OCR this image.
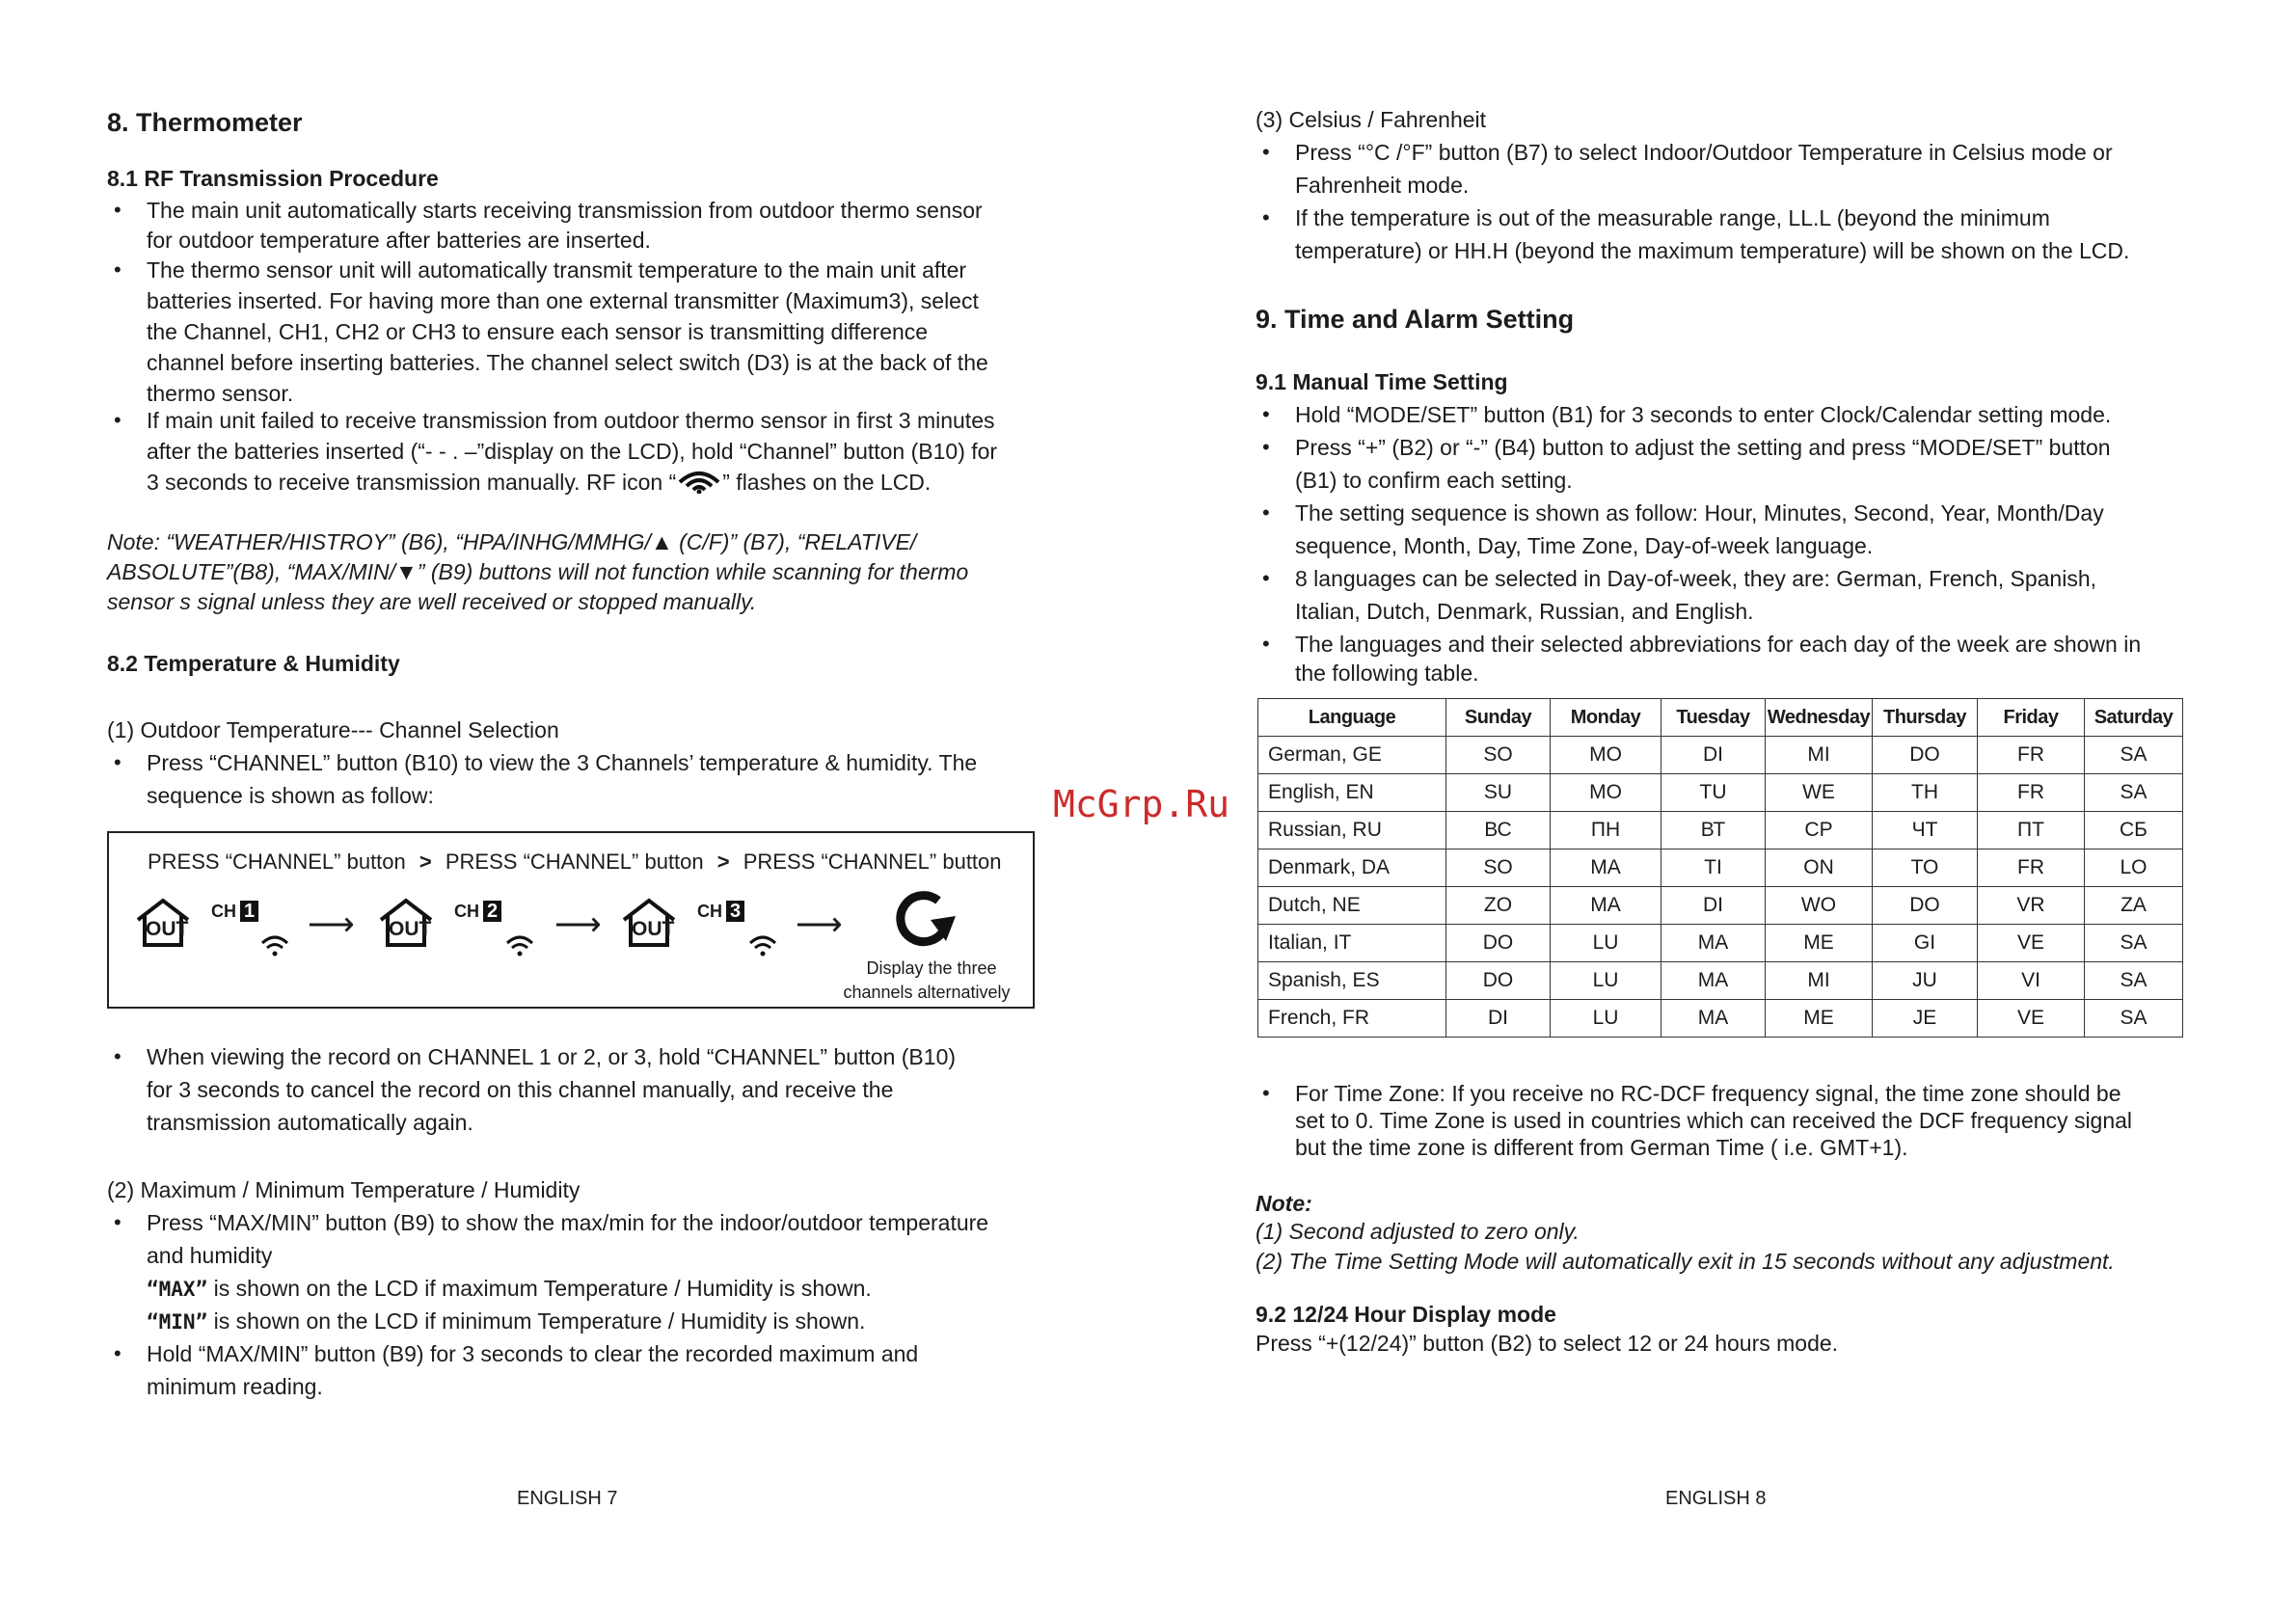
8. Thermometer
8.1 RF Transmission Procedure
•	The main unit automatically starts receiving transmission from outdoor thermo sensor
for outdoor temperature after batteries are inserted.
•	The thermo sensor unit will automatically transmit temperature to the main unit after
batteries inserted. For having more than one external transmitter (Maximum3), select
the Channel, CH1, CH2 or CH3 to ensure each sensor is transmitting difference
channel before inserting batteries. The channel select switch (D3) is at the back of the
thermo sensor.
•	If main unit failed to receive transmission from outdoor thermo sensor in first 3 minutes
after the batteries inserted (“- - . –”display on the LCD), hold “Channel” button (B10) for
3 seconds to receive transmission manually. RF icon “ ” flashes on the LCD.
Note: “WEATHER/HISTROY” (B6), “HPA/INHG/MMHG/▲ (C/F)” (B7), “RELATIVE/
ABSOLUTE”(B8), “MAX/MIN/▼” (B9) buttons will not function while scanning for thermo
sensor s signal unless they are well received or stopped manually.
8.2 Temperature & Humidity
(1) Outdoor Temperature--- Channel Selection
•	Press “CHANNEL” button (B10) to view the 3 Channels’ temperature & humidity. The
sequence is shown as follow:
PRESS “CHANNEL” button > PRESS “CHANNEL” button > PRESS “CHANNEL” button
OUT
CH 1 ⟶ OUT
CH 2 ⟶ OUT
CH 3 ⟶
Display the three
channels alternatively
•	When viewing the record on CHANNEL 1 or 2, or 3, hold “CHANNEL” button (B10)
for 3 seconds to cancel the record on this channel manually, and receive the
transmission automatically again.
(2) Maximum / Minimum Temperature / Humidity
•	Press “MAX/MIN” button (B9) to show the max/min for the indoor/outdoor temperature
and humidity
“MAX” is shown on the LCD if maximum Temperature / Humidity is shown.
“MIN” is shown on the LCD if minimum Temperature / Humidity is shown.
•	Hold “MAX/MIN” button (B9) for 3 seconds to clear the recorded maximum and
minimum reading.
ENGLISH 7
(3) Celsius / Fahrenheit
•	Press “°C /°F” button (B7) to select Indoor/Outdoor Temperature in Celsius mode or
Fahrenheit mode.
•	If the temperature is out of the measurable range, LL.L (beyond the minimum
temperature) or HH.H (beyond the maximum temperature) will be shown on the LCD.
9. Time and Alarm Setting
9.1 Manual Time Setting
•	Hold “MODE/SET” button (B1) for 3 seconds to enter Clock/Calendar setting mode.
•	Press “+” (B2) or “-” (B4) button to adjust the setting and press “MODE/SET” button
(B1) to confirm each setting.
•	The setting sequence is shown as follow: Hour, Minutes, Second, Year, Month/Day
sequence, Month, Day, Time Zone, Day-of-week language.
•	8 languages can be selected in Day-of-week, they are: German, French, Spanish,
Italian, Dutch, Denmark, Russian, and English.
•	The languages and their selected abbreviations for each day of the week are shown in
the following table.
Language	Sunday	Monday	Tuesday	Wednesday	Thursday	Friday	Saturday
German, GE	SO	MO	DI	MI	DO	FR	SA
English, EN	SU	MO	TU	WE	TH	FR	SA
Russian, RU	ВС	ПН	ВТ	СР	ЧТ	ПТ	СБ
Denmark, DA	SO	MA	TI	ON	TO	FR	LO
Dutch, NE	ZO	MA	DI	WO	DO	VR	ZA
Italian, IT	DO	LU	MA	ME	GI	VE	SA
Spanish, ES	DO	LU	MA	MI	JU	VI	SA
French, FR	DI	LU	MA	ME	JE	VE	SA
•	For Time Zone: If you receive no RC-DCF frequency signal, the time zone should be
set to 0. Time Zone is used in countries which can received the DCF frequency signal
but the time zone is different from German Time ( i.e. GMT+1).
Note:
(1) Second adjusted to zero only.
(2) The Time Setting Mode will automatically exit in 15 seconds without any adjustment.
9.2 12/24 Hour Display mode
Press “+(12/24)” button (B2) to select 12 or 24 hours mode.
ENGLISH 8
McGrp.Ru
